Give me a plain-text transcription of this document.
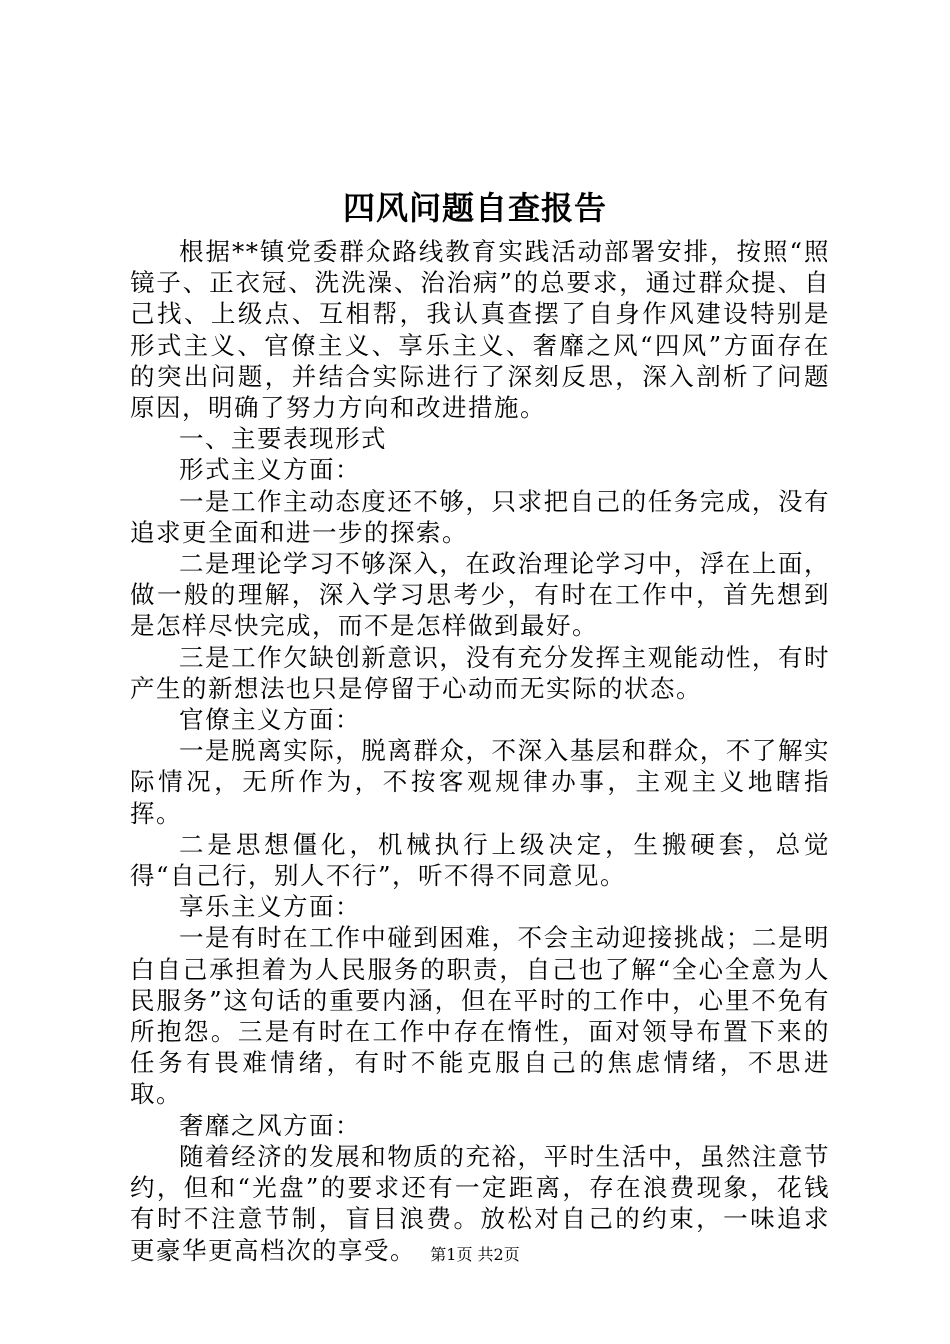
四风问题自查报告

根据**镇党委群众路线教育实践活动部署安排，按照“照镜子、正衣冠、洗洗澡、治治病”的总要求，通过群众提、自己找、上级点、互相帮，我认真查摆了自身作风建设特别是形式主义、官僚主义、享乐主义、奢靡之风“四风”方面存在的突出问题，并结合实际进行了深刻反思，深入剖析了问题原因，明确了努力方向和改进措施。

一、主要表现形式

形式主义方面：

一是工作主动态度还不够，只求把自己的任务完成，没有追求更全面和进一步的探索。

二是理论学习不够深入，在政治理论学习中，浮在上面，做一般的理解，深入学习思考少，有时在工作中，首先想到是怎样尽快完成，而不是怎样做到最好。

三是工作欠缺创新意识，没有充分发挥主观能动性，有时产生的新想法也只是停留于心动而无实际的状态。

官僚主义方面：

一是脱离实际，脱离群众，不深入基层和群众，不了解实际情况，无所作为，不按客观规律办事，主观主义地瞎指挥。

二是思想僵化，机械执行上级决定，生搬硬套，总觉得“自己行，别人不行”，听不得不同意见。

享乐主义方面：

一是有时在工作中碰到困难，不会主动迎接挑战；二是明白自己承担着为人民服务的职责，自己也了解“全心全意为人民服务”这句话的重要内涵，但在平时的工作中，心里不免有所抱怨。三是有时在工作中存在惰性，面对领导布置下来的任务有畏难情绪，有时不能克服自己的焦虑情绪，不思进取。

奢靡之风方面：

随着经济的发展和物质的充裕，平时生活中，虽然注意节约，但和“光盘”的要求还有一定距离，存在浪费现象，花钱有时不注意节制，盲目浪费。放松对自己的约束，一味追求更豪华更高档次的享受。 第1页 共2页
